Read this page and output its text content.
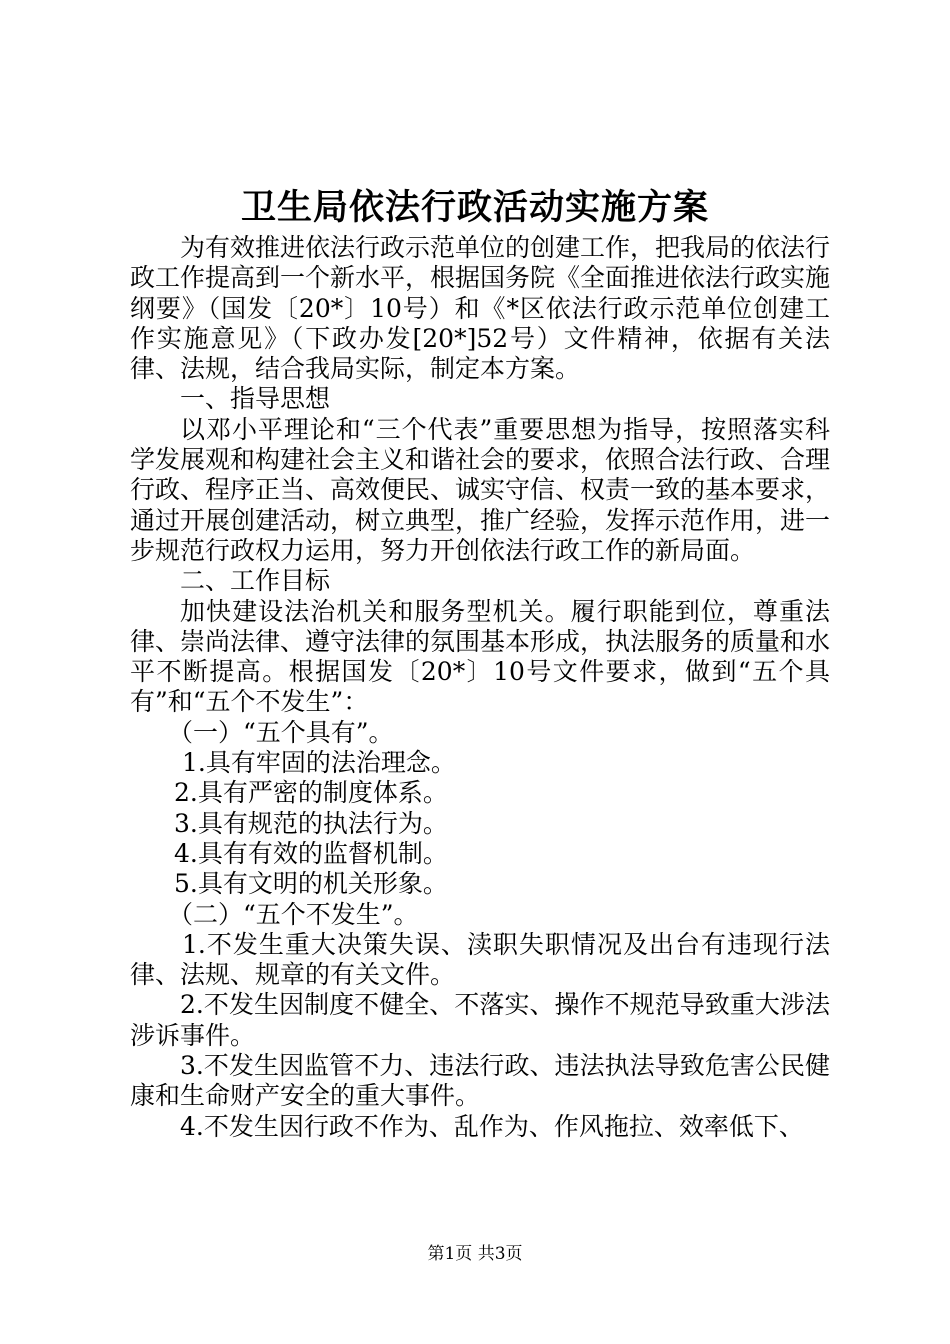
卫生局依法行政活动实施方案

为有效推进依法行政示范单位的创建工作，把我局的依法行政工作提高到一个新水平，根据国务院《全面推进依法行政实施纲要》（国发〔20*〕10号）和《*区依法行政示范单位创建工作实施意见》（下政办发[20*]52号）文件精神，依据有关法律、法规，结合我局实际，制定本方案。

一、指导思想

以邓小平理论和“三个代表”重要思想为指导，按照落实科学发展观和构建社会主义和谐社会的要求，依照合法行政、合理行政、程序正当、高效便民、诚实守信、权责一致的基本要求，通过开展创建活动，树立典型，推广经验，发挥示范作用，进一步规范行政权力运用，努力开创依法行政工作的新局面。

二、工作目标

加快建设法治机关和服务型机关。履行职能到位，尊重法律、崇尚法律、遵守法律的氛围基本形成，执法服务的质量和水平不断提高。根据国发〔20*〕10号文件要求，做到“五个具有”和“五个不发生”：

（一）“五个具有”。

1.具有牢固的法治理念。

2.具有严密的制度体系。

3.具有规范的执法行为。

4.具有有效的监督机制。

5.具有文明的机关形象。

（二）“五个不发生”。

1.不发生重大决策失误、渎职失职情况及出台有违现行法律、法规、规章的有关文件。

2.不发生因制度不健全、不落实、操作不规范导致重大涉法涉诉事件。

3.不发生因监管不力、违法行政、违法执法导致危害公民健康和生命财产安全的重大事件。

4.不发生因行政不作为、乱作为、作风拖拉、效率低下、

第1页 共3页
